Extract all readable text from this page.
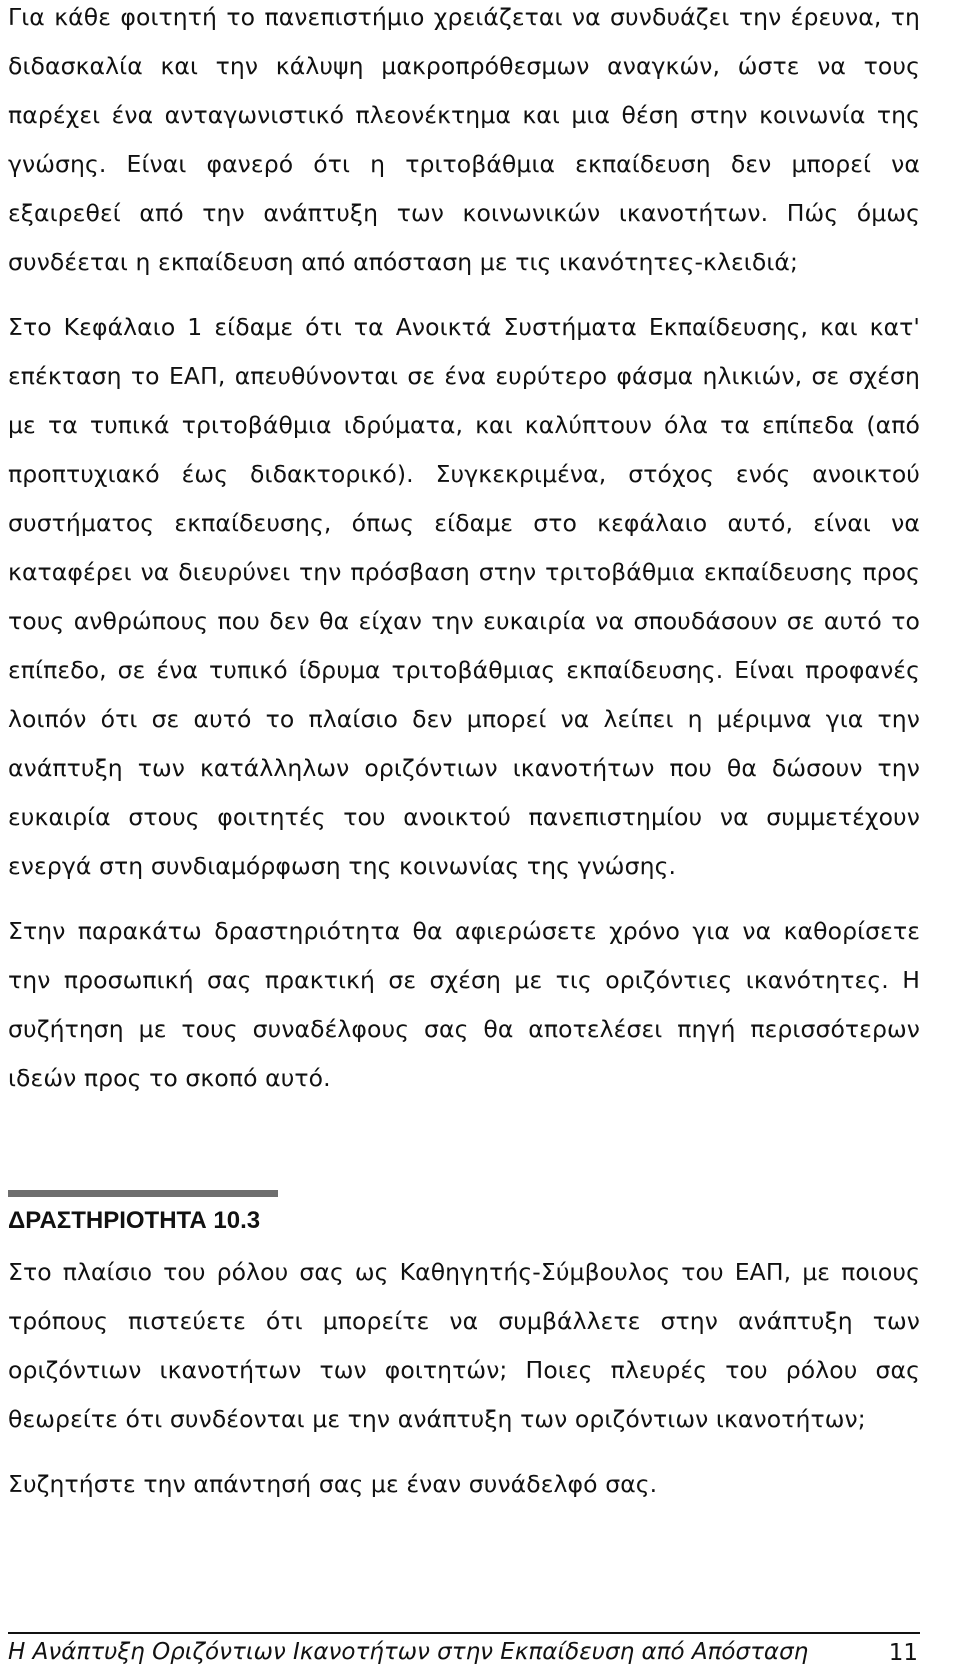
Για κάθε φοιτητή το πανεπιστήμιο χρειάζεται να συνδυάζει την έρευνα, τη διδασκαλία και την κάλυψη μακροπρόθεσμων αναγκών, ώστε να τους παρέχει ένα ανταγωνιστικό πλεονέκτημα και μια θέση στην κοινωνία της γνώσης. Είναι φανερό ότι η τριτοβάθμια εκπαίδευση δεν μπορεί να εξαιρεθεί από την ανάπτυξη των κοινωνικών ικανοτήτων. Πώς όμως συνδέεται η εκπαίδευση από απόσταση με τις ικανότητες-κλειδιά;

Στο Κεφάλαιο 1 είδαμε ότι τα Ανοικτά Συστήματα Εκπαίδευσης, και κατ' επέκταση το ΕΑΠ, απευθύνονται σε ένα ευρύτερο φάσμα ηλικιών, σε σχέση με τα τυπικά τριτοβάθμια ιδρύματα, και καλύπτουν όλα τα επίπεδα (από προπτυχιακό έως διδακτορικό). Συγκεκριμένα, στόχος ενός ανοικτού συστήματος εκπαίδευσης, όπως είδαμε στο κεφάλαιο αυτό, είναι να καταφέρει να διευρύνει την πρόσβαση στην τριτοβάθμια εκπαίδευσης προς τους ανθρώπους που δεν θα είχαν την ευκαιρία να σπουδάσουν σε αυτό το επίπεδο, σε ένα τυπικό ίδρυμα τριτοβάθμιας εκπαίδευσης. Είναι προφανές λοιπόν ότι σε αυτό το πλαίσιο δεν μπορεί να λείπει η μέριμνα για την ανάπτυξη των κατάλληλων οριζόντιων ικανοτήτων που θα δώσουν την ευκαιρία στους φοιτητές του ανοικτού πανεπιστημίου να συμμετέχουν ενεργά στη συνδιαμόρφωση της κοινωνίας της γνώσης.

Στην παρακάτω δραστηριότητα θα αφιερώσετε χρόνο για να καθορίσετε την προσωπική σας πρακτική σε σχέση με τις οριζόντιες ικανότητες. Η συζήτηση με τους συναδέλφους σας θα αποτελέσει πηγή περισσότερων ιδεών προς το σκοπό αυτό.

ΔΡΑΣΤΗΡΙΟΤΗΤΑ 10.3

Στο πλαίσιο του ρόλου σας ως Καθηγητής-Σύμβουλος του ΕΑΠ, με ποιους τρόπους πιστεύετε ότι μπορείτε να συμβάλλετε στην ανάπτυξη των οριζόντιων ικανοτήτων των φοιτητών; Ποιες πλευρές του ρόλου σας θεωρείτε ότι συνδέονται με την ανάπτυξη των οριζόντιων ικανοτήτων;

Συζητήστε την απάντησή σας με έναν συνάδελφό σας.

Η Ανάπτυξη Οριζόντιων Ικανοτήτων στην Εκπαίδευση από Απόσταση	11
